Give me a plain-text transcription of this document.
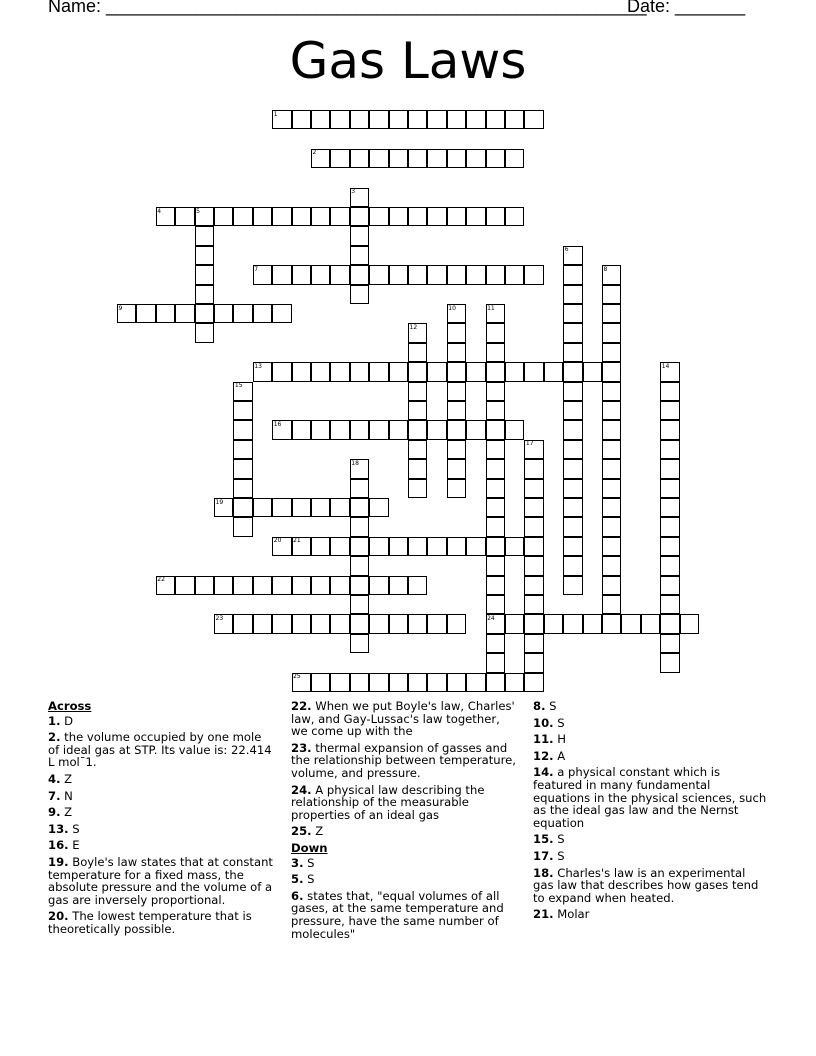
Name: ______________________________________________________
Date: _______
Gas Laws
1
2
3
4	5
6
7	8
9	10	11
12
13	14
15
16
17
18
19
20 21
22
23	24
25
Across
1. D
2. the volume occupied by one mole of ideal gas at STP. Its value is: 22.414 L mol¯1.
4. Z
7. N
9. Z
13. S
16. E
19. Boyle's law states that at constant temperature for a fixed mass, the absolute pressure and the volume of a gas are inversely proportional.
20. The lowest temperature that is theoretically possible.
22. When we put Boyle's law, Charles' law, and Gay-Lussac's law together, we come up with the
23. thermal expansion of gasses and the relationship between temperature, volume, and pressure.
24. A physical law describing the relationship of the measurable properties of an ideal gas
25. Z
Down
3. S
5. S
6. states that, "equal volumes of all gases, at the same temperature and pressure, have the same number of molecules"
8. S
10. S
11. H
12. A
14. a physical constant which is featured in many fundamental equations in the physical sciences, such as the ideal gas law and the Nernst equation
15. S
17. S
18. Charles's law is an experimental gas law that describes how gases tend to expand when heated.
21. Molar
